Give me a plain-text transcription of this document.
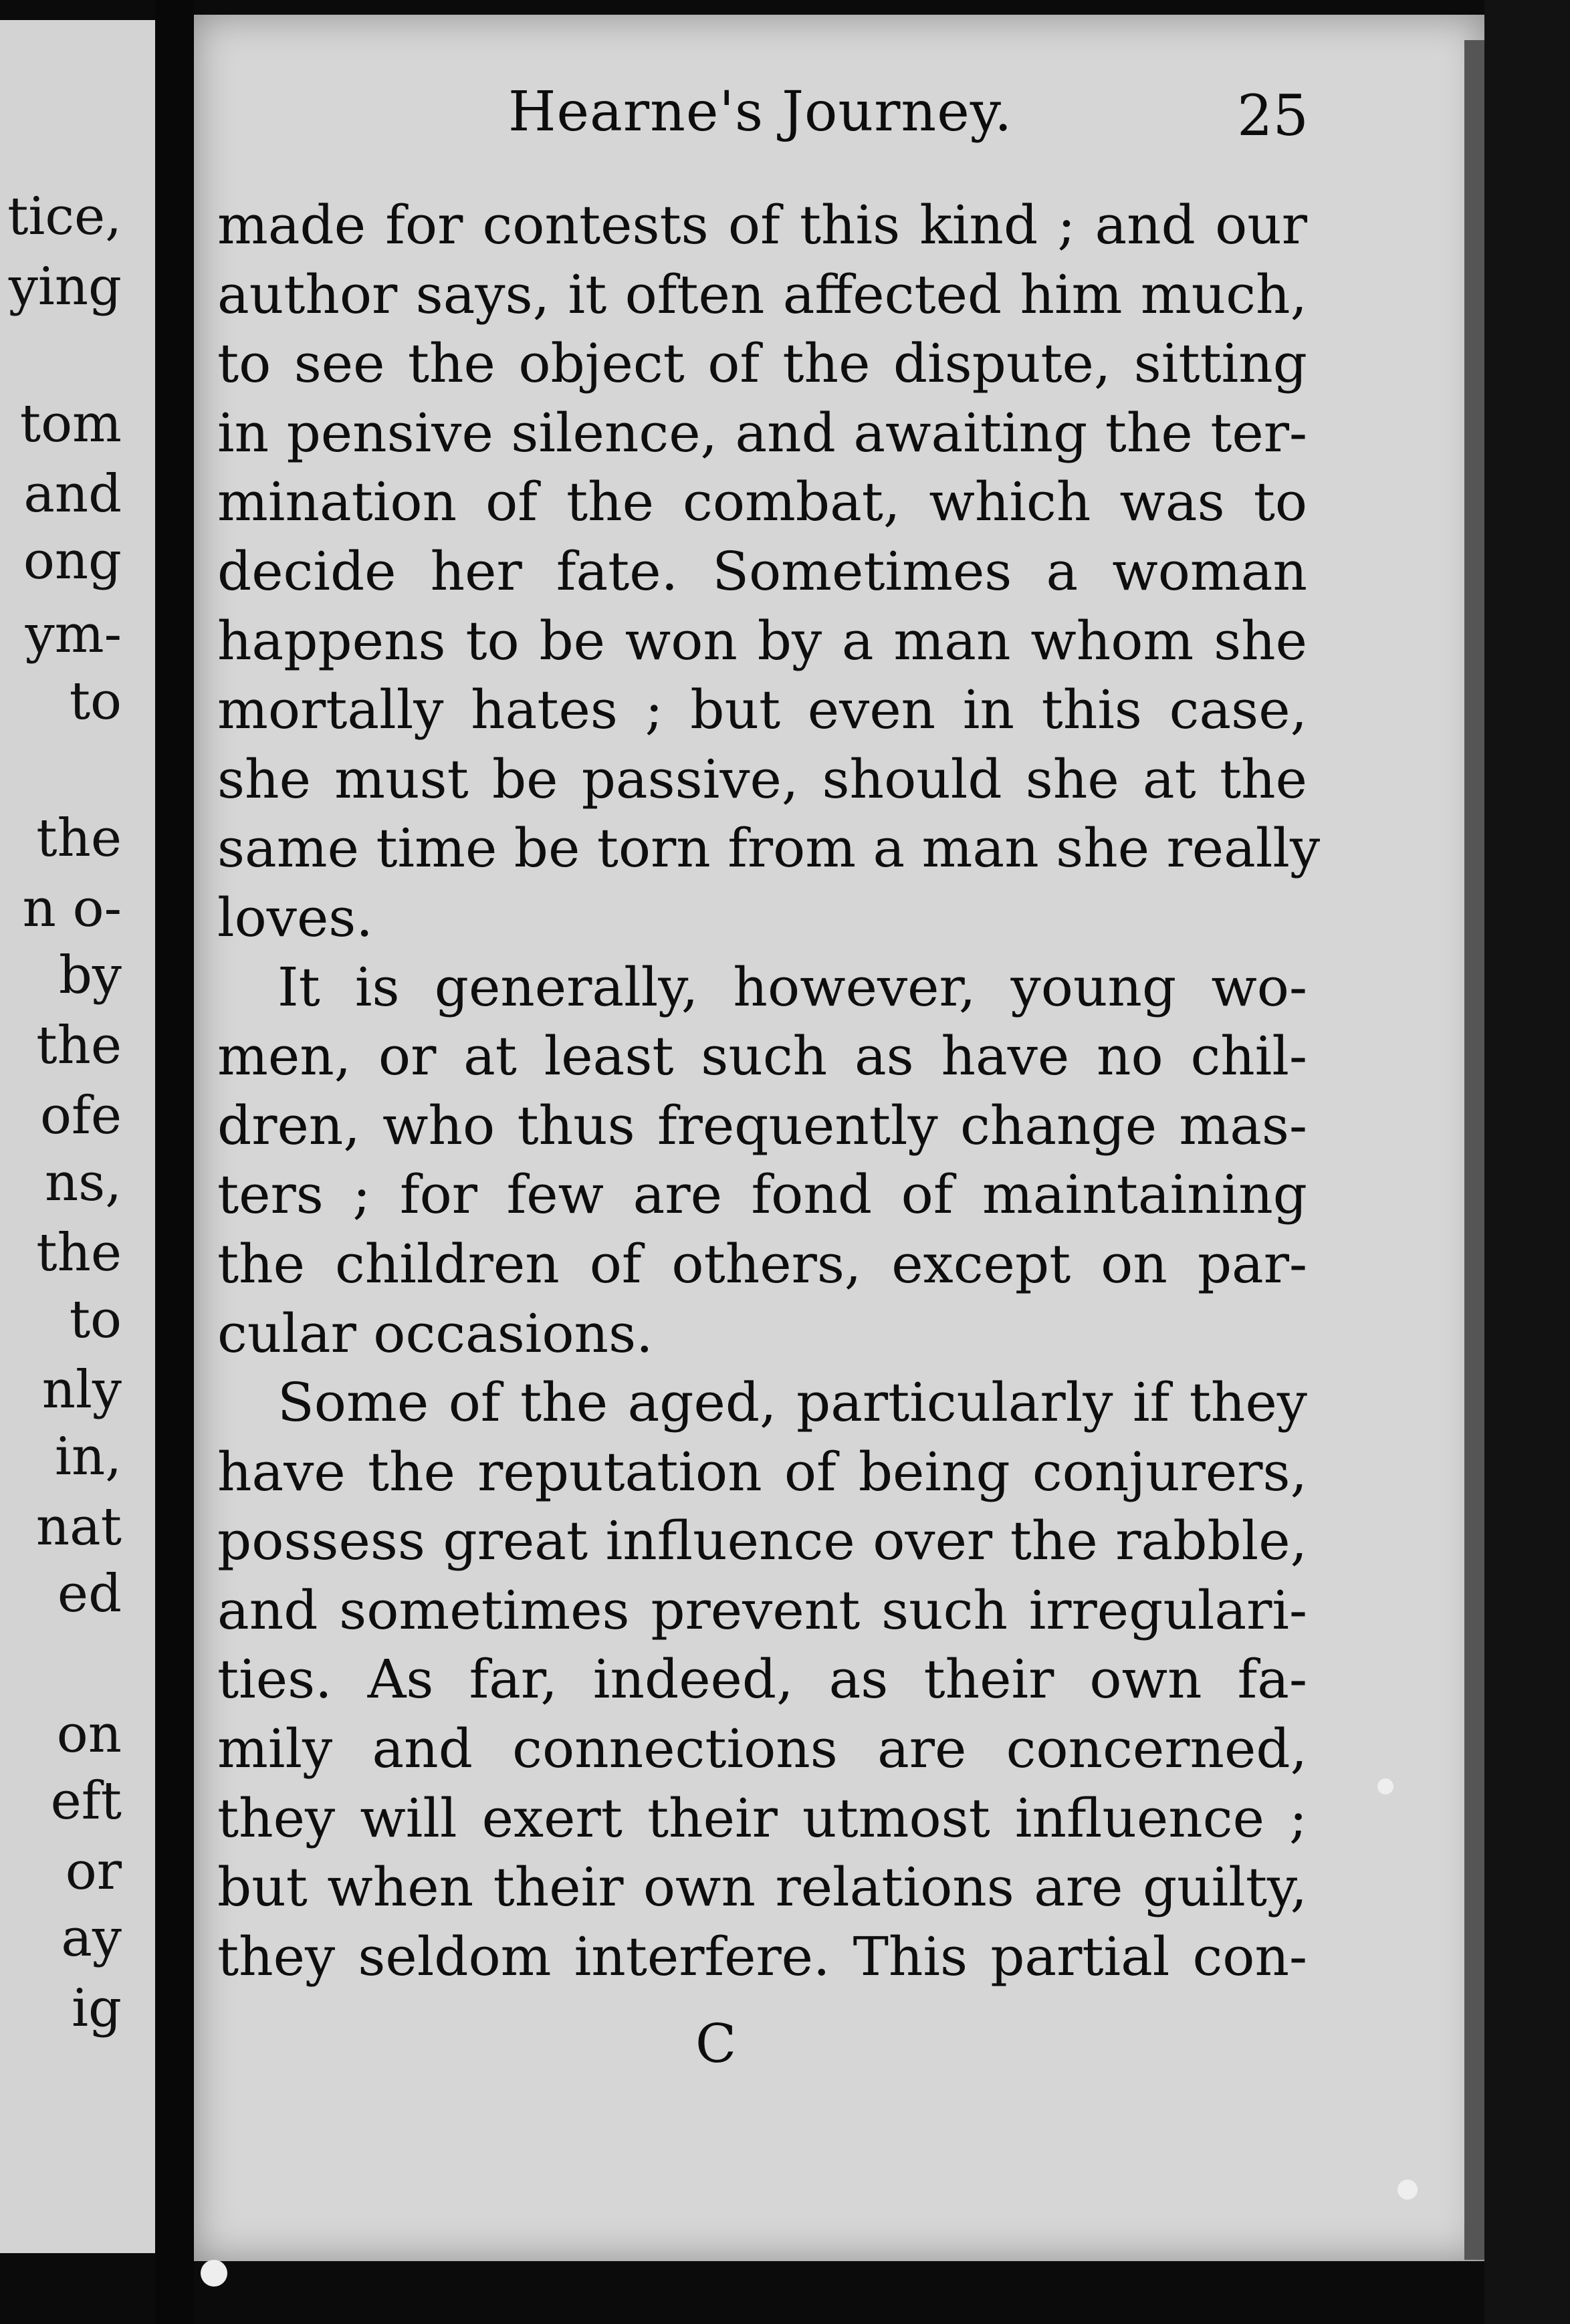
tice,
ying
tom
and
ong
ym-
to
the
n o-
by
the
ofe
ns,
the
to
nly
in,
nat
ed
on
eft
or
ay
ig
Hearne's Journey.	25
made for contests of this kind ; and our
author says, it often affected him much,
to see the object of the dispute, sitting
in pensive silence, and awaiting the ter-
mination of the combat, which was to
decide her fate. Sometimes a woman
happens to be won by a man whom she
mortally hates ; but even in this case,
she must be passive, should she at the
same time be torn from a man she really
loves.
It is generally, however, young wo-
men, or at least such as have no chil-
dren, who thus frequently change mas-
ters ; for few are fond of maintaining
the children of others, except on par-
cular occasions.
Some of the aged, particularly if they
have the reputation of being conjurers,
possess great influence over the rabble,
and sometimes prevent such irregulari-
ties. As far, indeed, as their own fa-
mily and connections are concerned,
they will exert their utmost influence ;
but when their own relations are guilty,
they seldom interfere. This partial con-
C
